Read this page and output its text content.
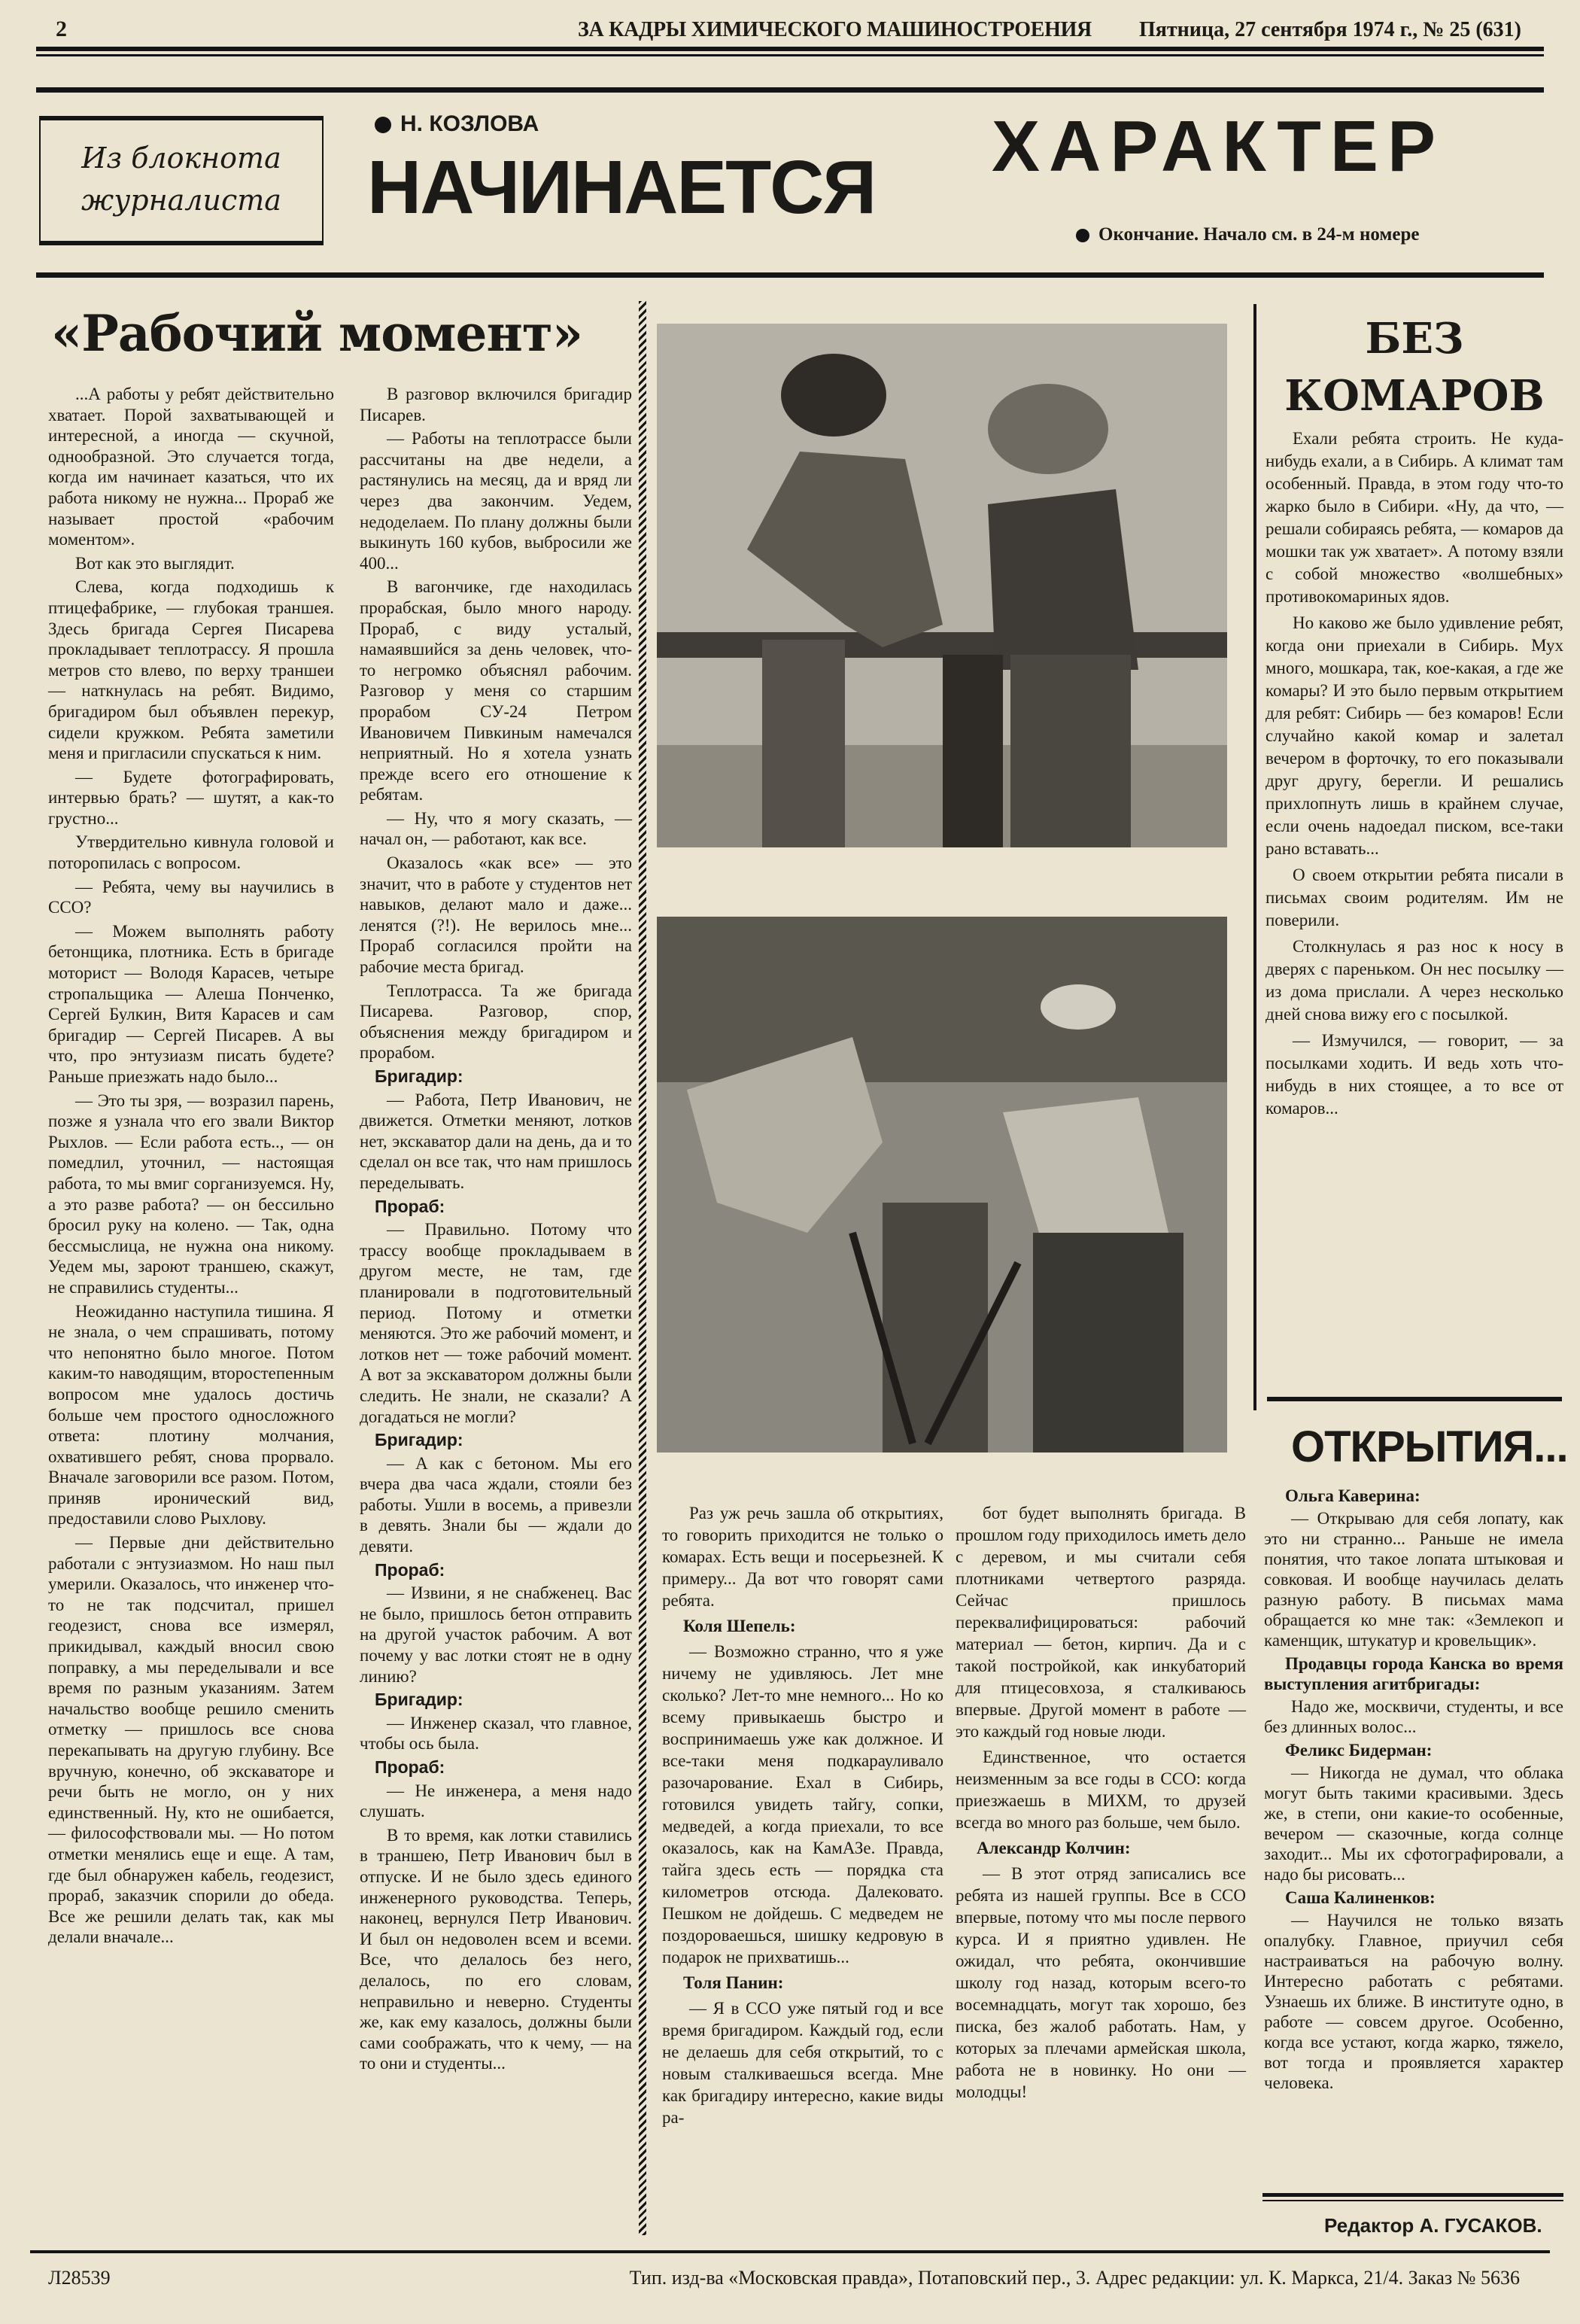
2	ЗА КАДРЫ ХИМИЧЕСКОГО МАШИНОСТРОЕНИЯ Пятница, 27 сентября 1974 г., № 25 (631)
Из блокнота
журналиста
Н. КОЗЛОВА
НАЧИНАЕТСЯ ХАРАКТЕР
Окончание. Начало см. в 24-м номере
«Рабочий момент»

...А работы у ребят действительно хватает. Порой захватывающей и интересной, а иногда — скучной, однообразной. Это случается тогда, когда им начинает казаться, что их работа никому не нужна... Прораб же называет простой «рабочим моментом».

Вот как это выглядит.

Слева, когда подходишь к птицефабрике, — глубокая траншея. Здесь бригада Сергея Писарева прокладывает теплотрассу. Я прошла метров сто влево, по верху траншеи — наткнулась на ребят. Видимо, бригадиром был объявлен перекур, сидели кружком. Ребята заметили меня и пригласили спускаться к ним.

— Будете фотографировать, интервью брать? — шутят, а как-то грустно...

Утвердительно кивнула головой и поторопилась с вопросом.

— Ребята, чему вы научились в ССО?

— Можем выполнять работу бетонщика, плотника. Есть в бригаде моторист — Володя Карасев, четыре стропальщика — Алеша Понченко, Сергей Булкин, Витя Карасев и сам бригадир — Сергей Писарев. А вы что, про энтузиазм писать будете? Раньше приезжать надо было...

— Это ты зря, — возразил парень, позже я узнала что его звали Виктор Рыхлов. — Если работа есть.., — он помедлил, уточнил, — настоящая работа, то мы вмиг сорганизуемся. Ну, а это разве работа? — он бессильно бросил руку на колено. — Так, одна бессмыслица, не нужна она никому. Уедем мы, зароют траншею, скажут, не справились студенты...

Неожиданно наступила тишина. Я не знала, о чем спрашивать, потому что непонятно было многое. Потом каким-то наводящим, второстепенным вопросом мне удалось достичь больше чем простого односложного ответа: плотину молчания, охватившего ребят, снова прорвало. Вначале заговорили все разом. Потом, приняв иронический вид, предоставили слово Рыхлову.

— Первые дни действительно работали с энтузиазмом. Но наш пыл умерили. Оказалось, что инженер что-то не так подсчитал, пришел геодезист, снова все измерял, прикидывал, каждый вносил свою поправку, а мы переделывали и все время по разным указаниям. Затем начальство вообще решило сменить отметку — пришлось все снова перекапывать на другую глубину. Все вручную, конечно, об экскаваторе и речи быть не могло, он у них единственный. Ну, кто не ошибается, — философствовали мы. — Но потом отметки менялись еще и еще. А там, где был обнаружен кабель, геодезист, прораб, заказчик спорили до обеда. Все же решили делать так, как мы делали вначале...

В разговор включился бригадир Писарев.

— Работы на теплотрассе были рассчитаны на две недели, а растянулись на месяц, да и вряд ли через два закончим. Уедем, недоделаем. По плану должны были выкинуть 160 кубов, выбросили же 400...

В вагончике, где находилась прорабская, было много народу. Прораб, с виду усталый, намаявшийся за день человек, что-то негромко объяснял рабочим. Разговор у меня со старшим прорабом СУ-24 Петром Ивановичем Пивкиным намечался неприятный. Но я хотела узнать прежде всего его отношение к ребятам.

— Ну, что я могу сказать, — начал он, — работают, как все.

Оказалось «как все» — это значит, что в работе у студентов нет навыков, делают мало и даже... ленятся (?!). Не верилось мне... Прораб согласился пройти на рабочие места бригад.

Теплотрасса. Та же бригада Писарева. Разговор, спор, объяснения между бригадиром и прорабом.

Бригадир:

— Работа, Петр Иванович, не движется. Отметки меняют, лотков нет, экскаватор дали на день, да и то сделал он все так, что нам пришлось переделывать.

Прораб:

— Правильно. Потому что трассу вообще прокладываем в другом месте, не там, где планировали в подготовительный период. Потому и отметки меняются. Это же рабочий момент, и лотков нет — тоже рабочий момент. А вот за экскаватором должны были следить. Не знали, не сказали? А догадаться не могли?

Бригадир:

— А как с бетоном. Мы его вчера два часа ждали, стояли без работы. Ушли в восемь, а привезли в девять. Знали бы — ждали до девяти.

Прораб:

— Извини, я не снабженец. Вас не было, пришлось бетон отправить на другой участок рабочим. А вот почему у вас лотки стоят не в одну линию?

Бригадир:

— Инженер сказал, что главное, чтобы ось была.

Прораб:

— Не инженера, а меня надо слушать.

В то время, как лотки ставились в траншею, Петр Иванович был в отпуске. И не было здесь единого инженерного руководства. Теперь, наконец, вернулся Петр Иванович. И был он недоволен всем и всеми. Все, что делалось без него, делалось, по его словам, неправильно и неверно. Студенты же, как ему казалось, должны были сами соображать, что к чему, — на то они и студенты...

Раз уж речь зашла об открытиях, то говорить приходится не только о комарах. Есть вещи и посерьезней. К примеру... Да вот что говорят сами ребята.

Коля Шепель:

— Возможно странно, что я уже ничему не удивляюсь. Лет мне сколько? Лет-то мне немного... Но ко всему привыкаешь быстро и воспринимаешь уже как должное. И все-таки меня подкарауливало разочарование. Ехал в Сибирь, готовился увидеть тайгу, сопки, медведей, а когда приехали, то все оказалось, как на КамАЗе. Правда, тайга здесь есть — порядка ста километров отсюда. Далековато. Пешком не дойдешь. С медведем не поздороваешься, шишку кедровую в подарок не прихватишь...

Толя Панин:

— Я в ССО уже пятый год и все время бригадиром. Каждый год, если не делаешь для себя открытий, то с новым сталкиваешься всегда. Мне как бригадиру интересно, какие виды ра-

бот будет выполнять бригада. В прошлом году приходилось иметь дело с деревом, и мы считали себя плотниками четвертого разряда. Сейчас пришлось переквалифицироваться: рабочий материал — бетон, кирпич. Да и с такой постройкой, как инкубаторий для птицесовхоза, я сталкиваюсь впервые. Другой момент в работе — это каждый год новые люди.

Единственное, что остается неизменным за все годы в ССО: когда приезжаешь в МИХМ, то друзей всегда во много раз больше, чем было.

Александр Колчин:

— В этот отряд записались все ребята из нашей группы. Все в ССО впервые, потому что мы после первого курса. И я приятно удивлен. Не ожидал, что ребята, окончившие школу год назад, которым всего-то восемнадцать, могут так хорошо, без писка, без жалоб работать. Нам, у которых за плечами армейская школа, работа не в новинку. Но они — молодцы!

БЕЗ
КОМАРОВ

Ехали ребята строить. Не куда-нибудь ехали, а в Сибирь. А климат там особенный. Правда, в этом году что-то жарко было в Сибири. «Ну, да что, — решали собираясь ребята, — комаров да мошки так уж хватает». А потому взяли с собой множество «волшебных» противокомариных ядов.

Но каково же было удивление ребят, когда они приехали в Сибирь. Мух много, мошкара, так, кое-какая, а где же комары? И это было первым открытием для ребят: Сибирь — без комаров! Если случайно какой комар и залетал вечером в форточку, то его показывали друг другу, берегли. И решались прихлопнуть лишь в крайнем случае, если очень надоедал писком, все-таки рано вставать...

О своем открытии ребята писали в письмах своим родителям. Им не поверили.

Столкнулась я раз нос к носу в дверях с пареньком. Он нес посылку — из дома прислали. А через несколько дней снова вижу его с посылкой.

— Измучился, — говорит, — за посылками ходить. И ведь хоть что-нибудь в них стоящее, а то все от комаров...

ОТКРЫТИЯ...

Ольга Каверина:

— Открываю для себя лопату, как это ни странно... Раньше не имела понятия, что такое лопата штыковая и совковая. И вообще научилась делать разную работу. В письмах мама обращается ко мне так: «Землекоп и каменщик, штукатур и кровельщик».

Продавцы города Канска во время выступления агитбригады:

Надо же, москвичи, студенты, и все без длинных волос...

Феликс Бидерман:

— Никогда не думал, что облака могут быть такими красивыми. Здесь же, в степи, они какие-то особенные, вечером — сказочные, когда солнце заходит... Мы их сфотографировали, а надо бы рисовать...

Саша Калиненков:

— Научился не только вязать опалубку. Главное, приучил себя настраиваться на рабочую волну. Интересно работать с ребятами. Узнаешь их ближе. В институте одно, в работе — совсем другое. Особенно, когда все устают, когда жарко, тяжело, вот тогда и проявляется характер человека.

Редактор А. ГУСАКОВ.
Л28539	Тип. изд-ва «Московская правда», Потаповский пер., 3. Адрес редакции: ул. К. Маркса, 21/4. Заказ № 5636
